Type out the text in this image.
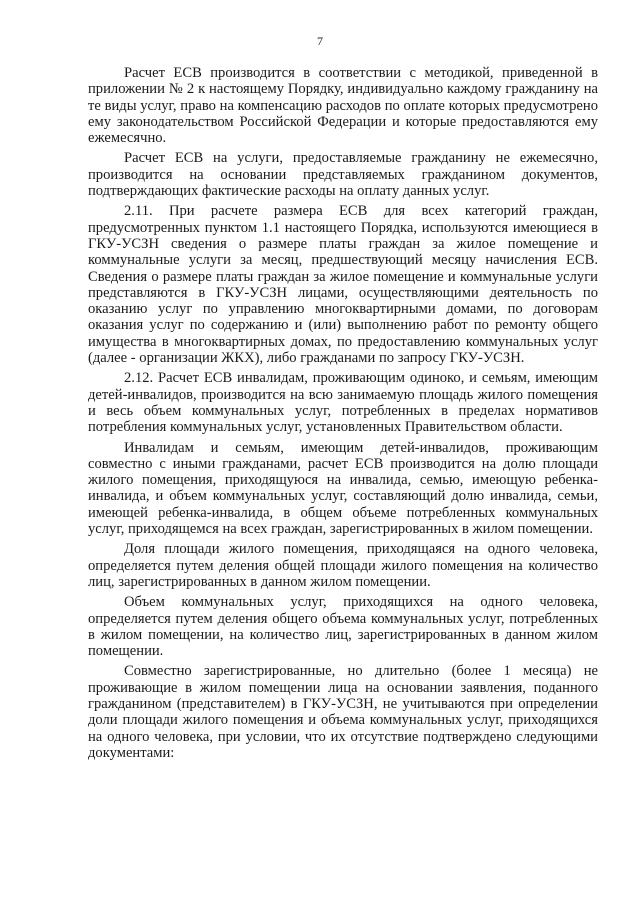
7

Расчет ЕСВ производится в соответствии с методикой, приведенной в приложении № 2 к настоящему Порядку, индивидуально каждому гражданину на те виды услуг, право на компенсацию расходов по оплате которых предусмотрено ему законодательством Российской Федерации и которые предоставляются ему ежемесячно.

Расчет ЕСВ на услуги, предоставляемые гражданину не ежемесячно, производится на основании представляемых гражданином документов, подтверждающих фактические расходы на оплату данных услуг.

2.11. При расчете размера ЕСВ для всех категорий граждан, предусмотренных пунктом 1.1 настоящего Порядка, используются имеющиеся в ГКУ-УСЗН сведения о размере платы граждан за жилое помещение и коммунальные услуги за месяц, предшествующий месяцу начисления ЕСВ. Сведения о размере платы граждан за жилое помещение и коммунальные услуги представляются в ГКУ-УСЗН лицами, осуществляющими деятельность по оказанию услуг по управлению многоквартирными домами, по договорам оказания услуг по содержанию и (или) выполнению работ по ремонту общего имущества в многоквартирных домах, по предоставлению коммунальных услуг (далее - организации ЖКХ), либо гражданами по запросу ГКУ-УСЗН.

2.12. Расчет ЕСВ инвалидам, проживающим одиноко, и семьям, имеющим детей-инвалидов, производится на всю занимаемую площадь жилого помещения и весь объем коммунальных услуг, потребленных в пределах нормативов потребления коммунальных услуг, установленных Правительством области.

Инвалидам и семьям, имеющим детей-инвалидов, проживающим совместно с иными гражданами, расчет ЕСВ производится на долю площади жилого помещения, приходящуюся на инвалида, семью, имеющую ребенка-инвалида, и объем коммунальных услуг, составляющий долю инвалида, семьи, имеющей ребенка-инвалида, в общем объеме потребленных коммунальных услуг, приходящемся на всех граждан, зарегистрированных в жилом помещении.

Доля площади жилого помещения, приходящаяся на одного человека, определяется путем деления общей площади жилого помещения на количество лиц, зарегистрированных в данном жилом помещении.

Объем коммунальных услуг, приходящихся на одного человека, определяется путем деления общего объема коммунальных услуг, потребленных в жилом помещении, на количество лиц, зарегистрированных в данном жилом помещении.

Совместно зарегистрированные, но длительно (более 1 месяца) не проживающие в жилом помещении лица на основании заявления, поданного гражданином (представителем) в ГКУ-УСЗН, не учитываются при определении доли площади жилого помещения и объема коммунальных услуг, приходящихся на одного человека, при условии, что их отсутствие подтверждено следующими документами:
